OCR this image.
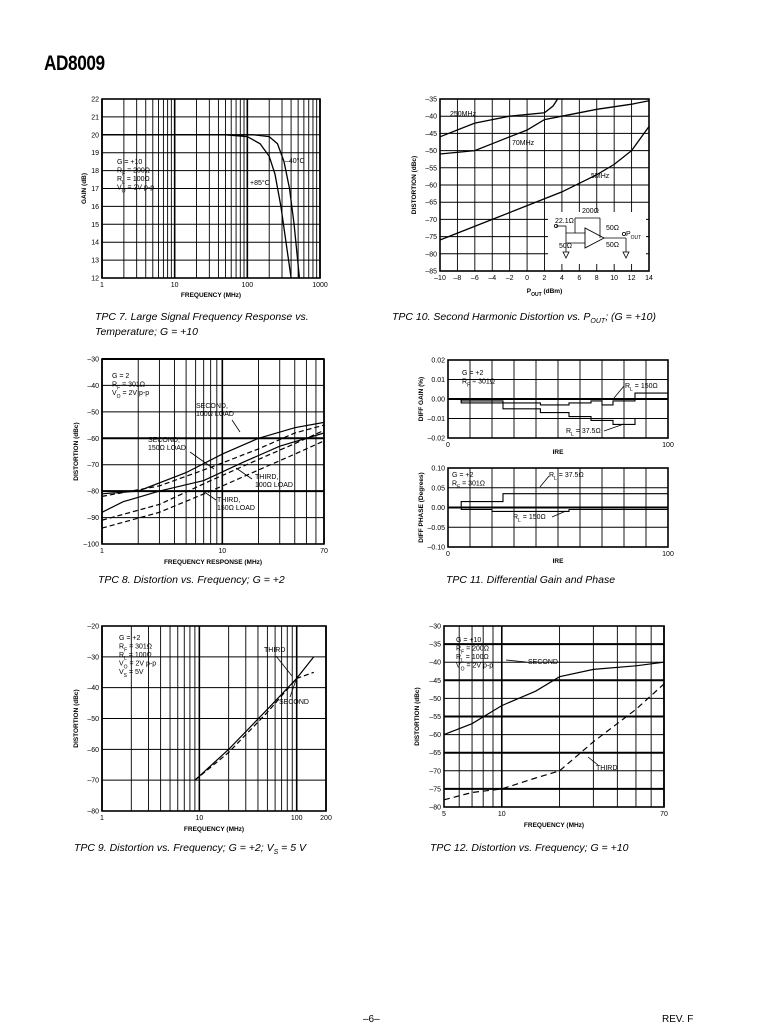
AD8009
22
21
20
19
18
17
16
15
14
13
12
1	10	100	1000
FREQUENCY (MHz)
GAIN (dB)
G = +10
$R_F = 200\Omega$
$R_L = 100\Omega$
$V_O = 2V$ p-p
–40°C
+85°C
–35
–40
–45
–50
–55
–60
–65
–70
–75
–80
–85
–10 –8 –6 –4 –2 0 2 4 6 8 10 12 14
$P_{OUT}$ (dBm)
DISTORTION (dBc)
250MHz
70MHz
5MHz
200Ω
22.1Ω
50Ω
50Ω
50Ω
$P_{OUT}$
–30
–40
–50
–60
–70
–80
–90
–100
1	10	70
FREQUENCY RESPONSE (MHz)
DISTORTION (dBc)
G = 2
$R_F = 301\Omega$
$V_O = 2V$ p-p
SECOND,
100Ω LOAD
SECOND,
150Ω LOAD
THIRD,
100Ω LOAD
THIRD,
150Ω LOAD
0.02
0.01
0.00
–0.01
–0.02
0	100
IRE
DIFF GAIN (%)
G = +2
$R_F = 301\Omega$
$R_L = 150\Omega$
$R_L = 37.5\Omega$
0.10
0.05
0.00
–0.05
–0.10
0	100
IRE
DIFF PHASE (Degrees)	G = +2
$R_F = 301\Omega$
$R_L = 37.5\Omega$
$R_L = 150\Omega$
–20
–30
–40
–50
–60
–70
–80
1	10	100	200
FREQUENCY (MHz)
DISTORTION (dBc)
G = +2
$R_F = 301\Omega$
$R_L = 100\Omega$
$V_O = 2V$ p-p
$V_S = 5V$
THIRD
SECOND
–30
–35
–40
–45
–50
–55
–60
–65
–70
–75
–80
5	10	70
FREQUENCY (MHz)
DISTORTION (dBc)
G = +10
$R_F = 200\Omega$
$R_L = 100\Omega$
$V_O = 2V$ p-p	SECOND
THIRD
TPC 7. Large Signal Frequency Response vs.
Temperature; G = +10
TPC 10. Second Harmonic Distortion vs. $P_{OUT}$; (G = +10)
TPC 8. Distortion vs. Frequency; G = +2	TPC 11. Differential Gain and Phase
TPC 9. Distortion vs. Frequency; G = +2; $V_S = 5$ V	TPC 12. Distortion vs. Frequency; G = +10
–6–	REV. F
